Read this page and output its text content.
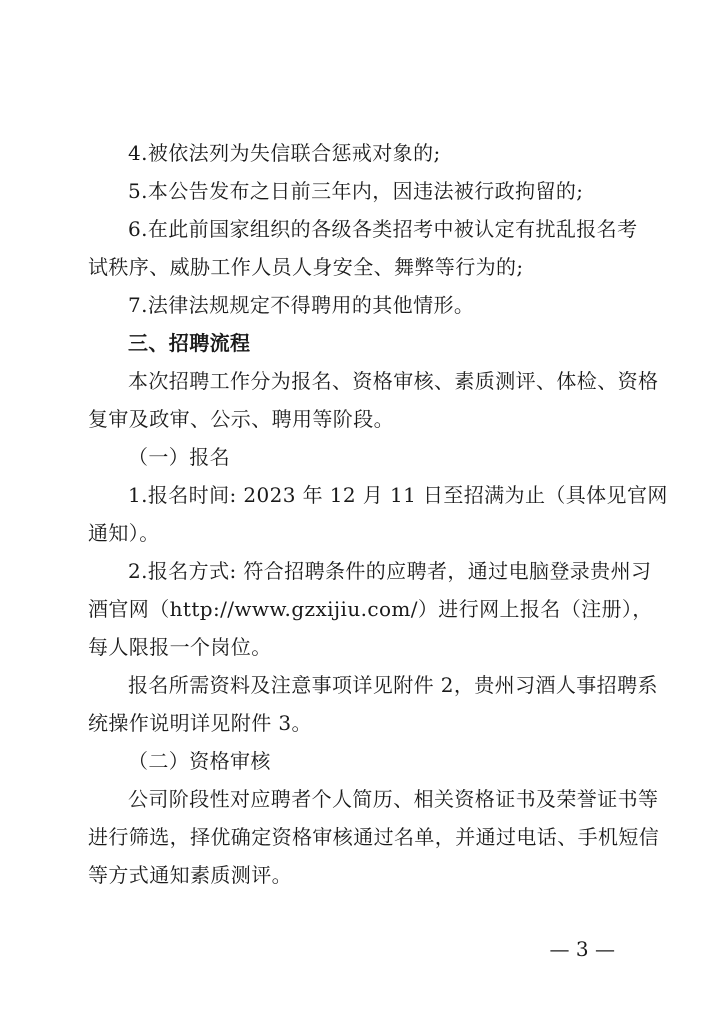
4.被依法列为失信联合惩戒对象的;
5.本公告发布之日前三年内，因违法被行政拘留的;
6.在此前国家组织的各级各类招考中被认定有扰乱报名考
试秩序、威胁工作人员人身安全、舞弊等行为的;
7.法律法规规定不得聘用的其他情形。
三、招聘流程
本次招聘工作分为报名、资格审核、素质测评、体检、资格
复审及政审、公示、聘用等阶段。
（一）报名
1.报名时间: 2023 年 12 月 11 日至招满为止（具体见官网
通知）。
2.报名方式: 符合招聘条件的应聘者，通过电脑登录贵州习
酒官网（http://www.gzxijiu.com/）进行网上报名（注册），
每人限报一个岗位。
报名所需资料及注意事项详见附件 2，贵州习酒人事招聘系
统操作说明详见附件 3。
（二）资格审核
公司阶段性对应聘者个人简历、相关资格证书及荣誉证书等
进行筛选，择优确定资格审核通过名单，并通过电话、手机短信
等方式通知素质测评。
— 3 —
